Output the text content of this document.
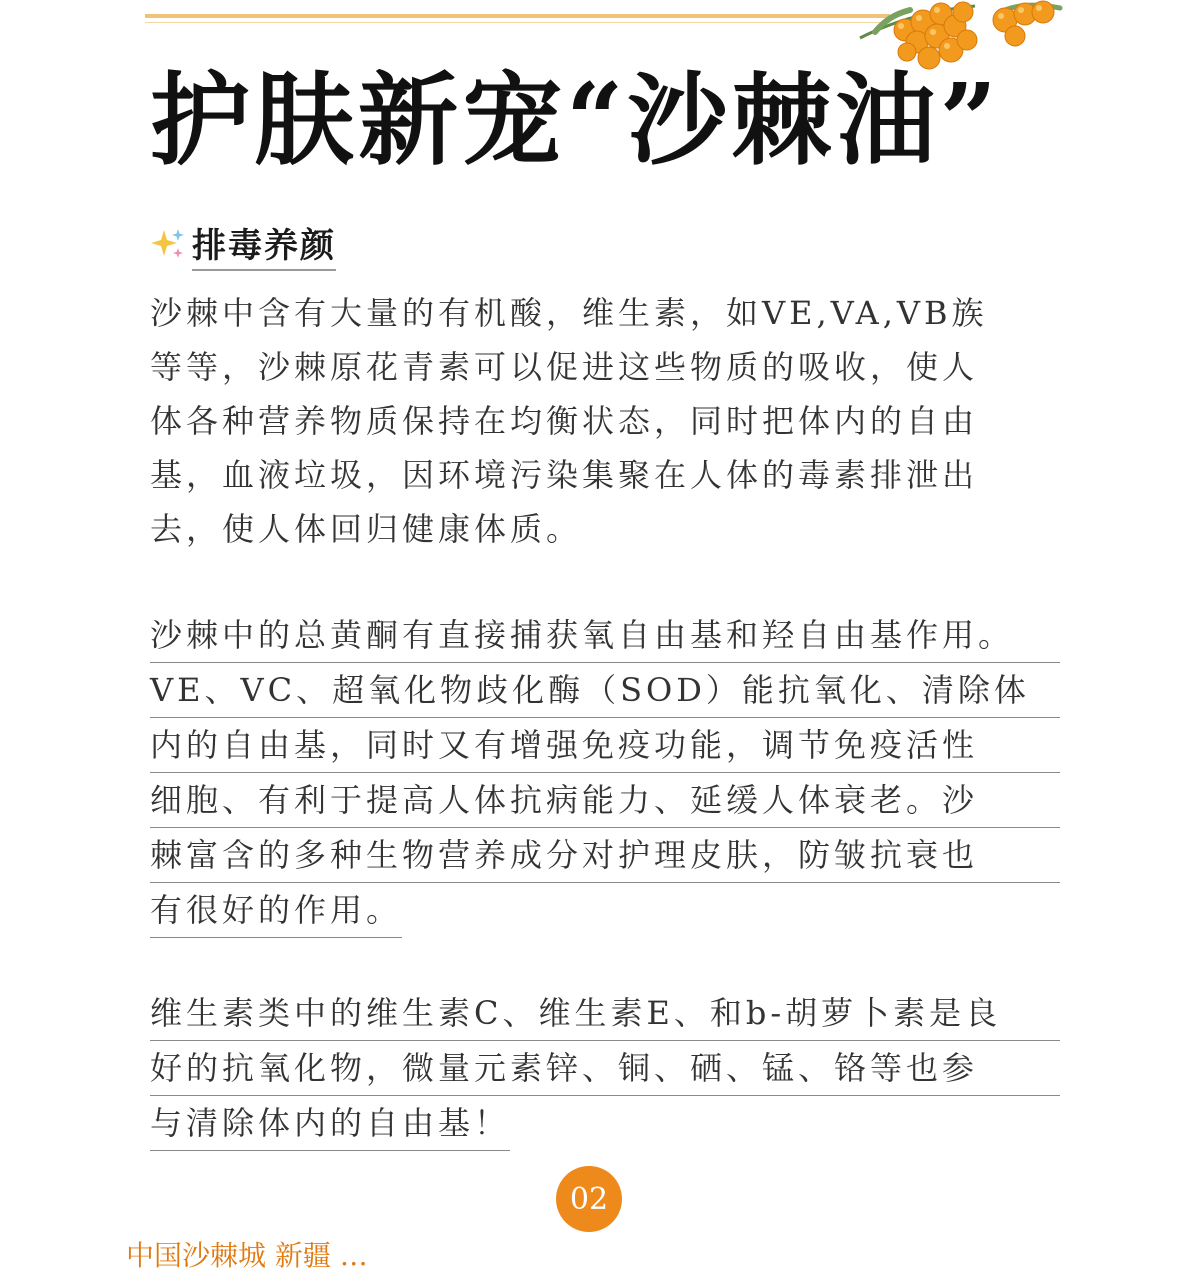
护肤新宠“沙棘油”
排毒养颜
沙棘中含有大量的有机酸，维生素，如VE,VA,VB族
等等，沙棘原花青素可以促进这些物质的吸收，使人
体各种营养物质保持在均衡状态，同时把体内的自由
基，血液垃圾，因环境污染集聚在人体的毒素排泄出
去，使人体回归健康体质。
沙棘中的总黄酮有直接捕获氧自由基和羟自由基作用。
VE、VC、超氧化物歧化酶（SOD）能抗氧化、清除体
内的自由基，同时又有增强免疫功能，调节免疫活性
细胞、有利于提高人体抗病能力、延缓人体衰老。沙
棘富含的多种生物营养成分对护理皮肤，防皱抗衰也
有很好的作用。
维生素类中的维生素C、维生素E、和b-胡萝卜素是良
好的抗氧化物，微量元素锌、铜、硒、锰、铬等也参
与清除体内的自由基！
02
中国沙棘城 新疆 …
